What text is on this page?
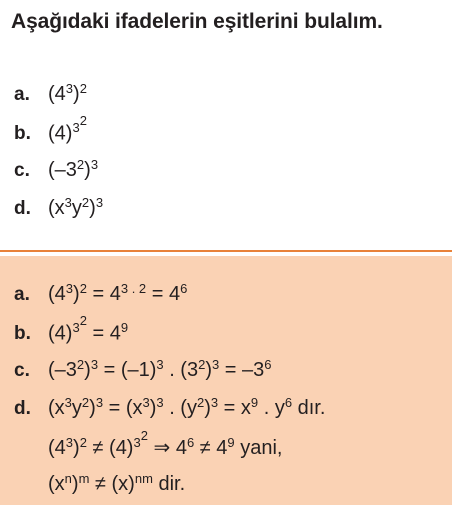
Aşağıdaki ifadelerin eşitlerini bulalım.
a. $(4^3)^2$
b. $(4)^{3^2}$
c. $(-3^2)^3$
d. $(x^3y^2)^3$
a. $(4^3)^2 = 4^{3 . 2} = 4^6$
b. $(4)^{3^2} = 4^9$
c. $(-3^2)^3 = (-1)^3$ . $(3^2)^3 = -3^6$
d. $(x^3y^2)^3 = (x^3)^3$ . $(y^2)^3 = x^9$ . $y^6$ dır.
$(4^3)^2 \ne (4)^{3^2}$ ⇒ $4^6 \ne 4^9$ yani,
$(x^n)^m \ne (x)^{nm}$ dir.
